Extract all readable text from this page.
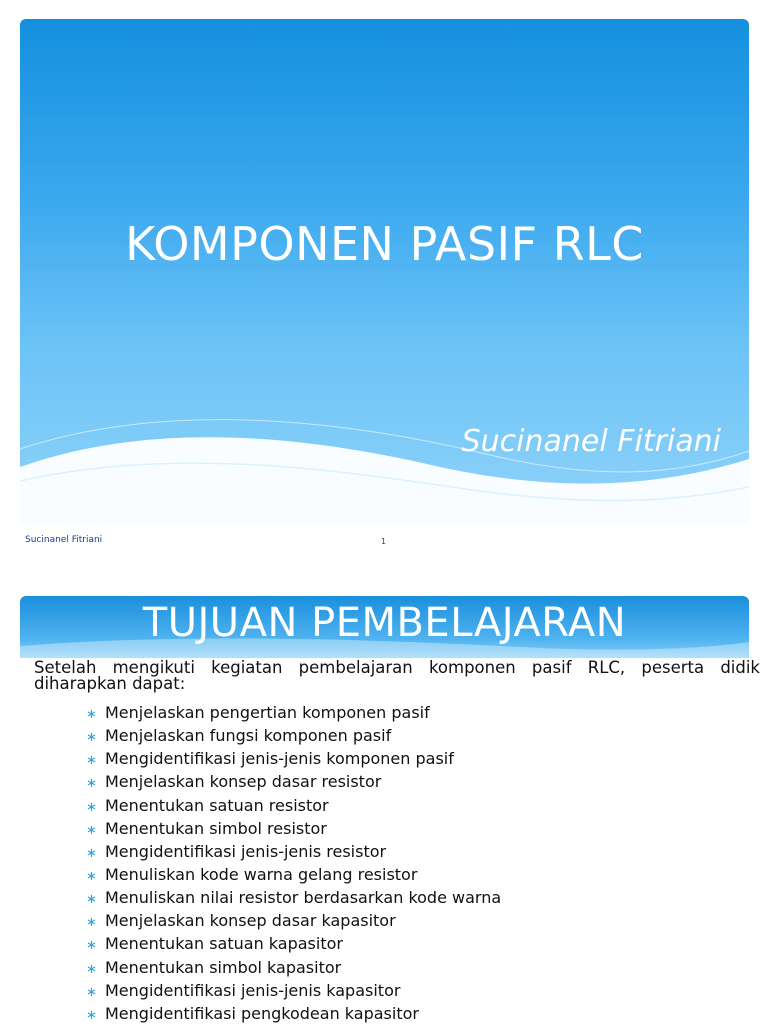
KOMPONEN PASIF RLC
Sucinanel Fitriani
Sucinanel Fitriani	1
TUJUAN PEMBELAJARAN
Setelah mengikuti kegiatan pembelajaran komponen pasif RLC, peserta didik diharapkan dapat:
∗ Menjelaskan pengertian komponen pasif
∗ Menjelaskan fungsi komponen pasif
∗ Mengidentifikasi jenis-jenis komponen pasif
∗ Menjelaskan konsep dasar resistor
∗ Menentukan satuan resistor
∗ Menentukan simbol resistor
∗ Mengidentifikasi jenis-jenis resistor
∗ Menuliskan kode warna gelang resistor
∗ Menuliskan nilai resistor berdasarkan kode warna
∗ Menjelaskan konsep dasar kapasitor
∗ Menentukan satuan kapasitor
∗ Menentukan simbol kapasitor
∗ Mengidentifikasi jenis-jenis kapasitor
∗ Mengidentifikasi pengkodean kapasitor
